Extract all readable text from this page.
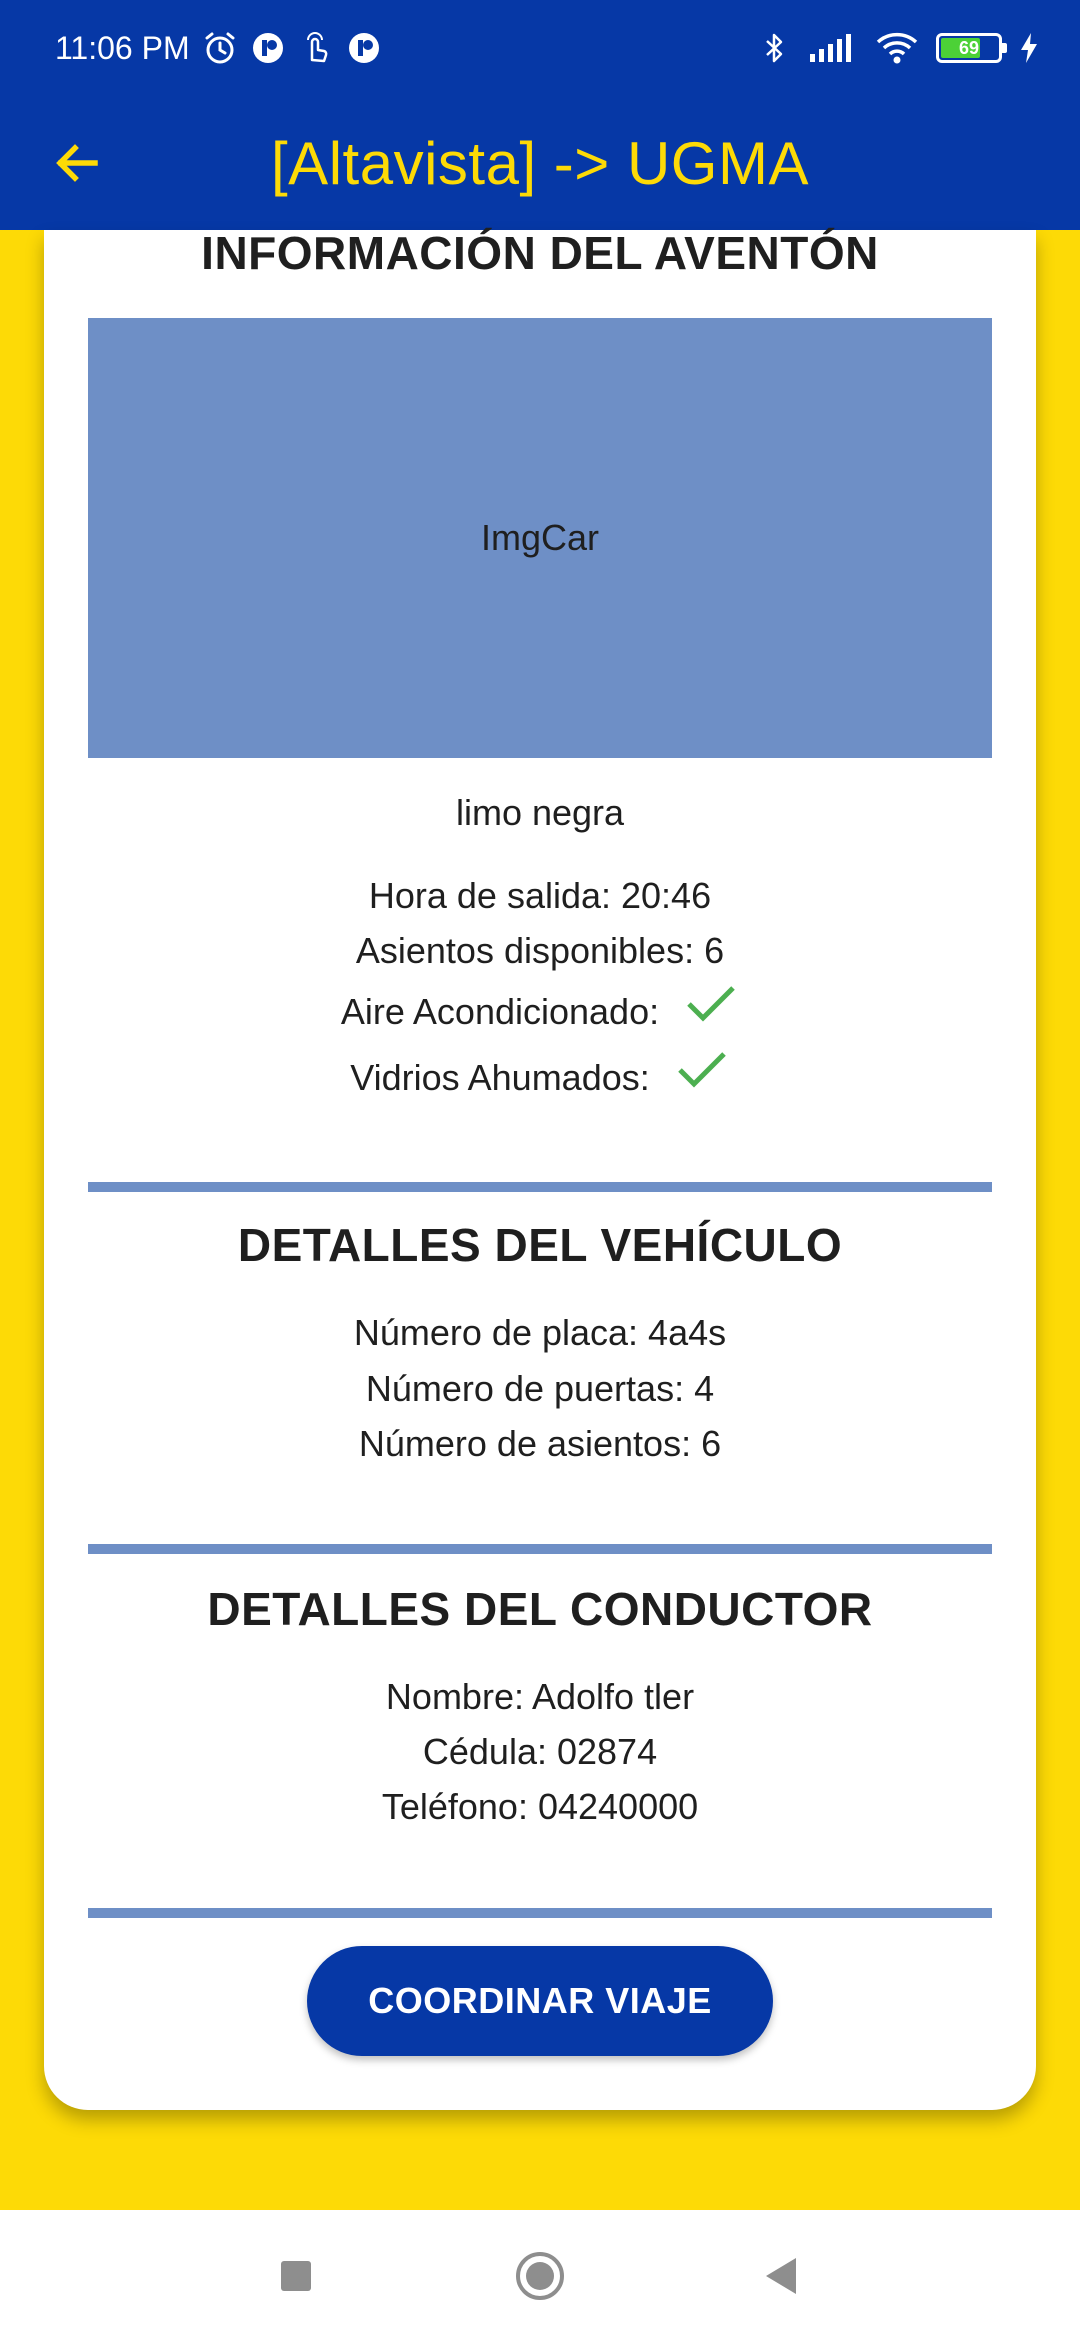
11:06 PM	69
[Altavista] -> UGMA
INFORMACIÓN DEL AVENTÓN
ImgCar
limo negra
Hora de salida: 20:46
Asientos disponibles: 6
Aire Acondicionado:
Vidrios Ahumados:
DETALLES DEL VEHÍCULO
Número de placa: 4a4s
Número de puertas: 4
Número de asientos: 6
DETALLES DEL CONDUCTOR
Nombre: Adolfo tler
Cédula: 02874
Teléfono: 04240000
COORDINAR VIAJE
